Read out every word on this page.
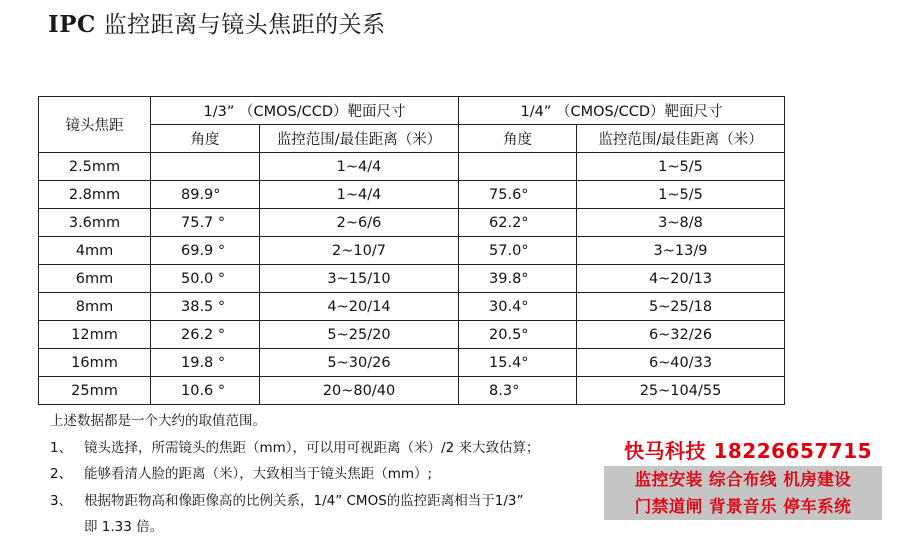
IPC 监控距离与镜头焦距的关系
镜头焦距	1/3” （CMOS/CCD）靶面尺寸		1/4” （CMOS/CCD）靶面尺寸	
	角度	监控范围/最佳距离（米）	角度	监控范围/最佳距离（米）
2.5mm		1~4/4		1~5/5
2.8mm	89.9°	1~4/4	75.6°	1~5/5
3.6mm	75.7 °	2~6/6	62.2°	3~8/8
4mm	69.9 °	2~10/7	57.0°	3~13/9
6mm	50.0 °	3~15/10	39.8°	4~20/13
8mm	38.5 °	4~20/14	30.4°	5~25/18
12mm	26.2 °	5~25/20	20.5°	6~32/26
16mm	19.8 °	5~30/26	15.4°	6~40/33
25mm	10.6 °	20~80/40	8.3°	25~104/55
上述数据都是一个大约的取值范围。
1、 镜头选择，所需镜头的焦距（mm），可以用可视距离（米）/2 来大致估算；
2、 能够看清人脸的距离（米），大致相当于镜头焦距（mm）;
3、 根据物距物高和像距像高的比例关系，1/4” CMOS的监控距离相当于1/3”
即 1.33 倍。
快马科技 18226657715
监控安装 综合布线 机房建设
门禁道闸 背景音乐 停车系统
